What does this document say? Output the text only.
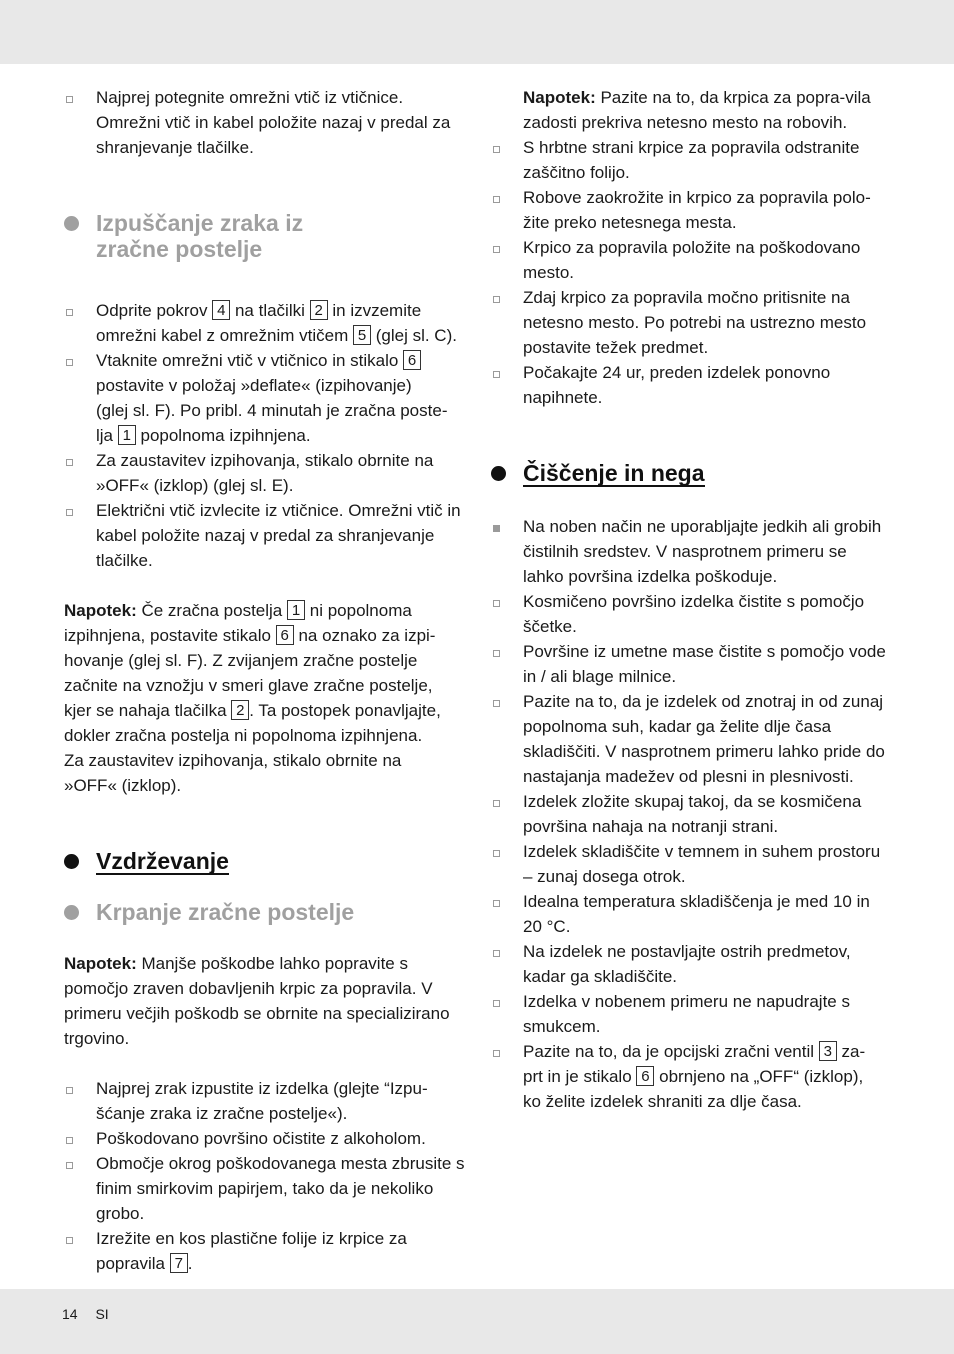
Najprej potegnite omrežni vtič iz vtičnice. Omrežni vtič in kabel položite nazaj v predal za shranjevanje tlačilke.

Izpuščanje zraka iz
zračne postelje

Odprite pokrov 4 na tlačilki 2 in izvzemite
omrežni kabel z omrežnim vtičem 5 (glej sl. C).

Vtaknite omrežni vtič v vtičnico in stikalo 6
postavite v položaj »deflate« (izpihovanje)
(glej sl. F). Po pribl. 4 minutah je zračna poste-
lja 1 popolnoma izpihnjena.

Za zaustavitev izpihovanja, stikalo obrnite na »OFF« (izklop) (glej sl. E).

Električni vtič izvlecite iz vtičnice. Omrežni vtič in kabel položite nazaj v predal za shranjevanje tlačilke.

Napotek: Če zračna postelja 1 ni popolnoma
izpihnjena, postavite stikalo 6 na oznako za izpi-
hovanje (glej sl. F). Z zvijanjem zračne postelje
začnite na vznožju v smeri glave zračne postelje,
kjer se nahaja tlačilka 2 . Ta postopek ponavljajte,
dokler zračna postelja ni popolnoma izpihnjena.
Za zaustavitev izpihovanja, stikalo obrnite na
»OFF« (izklop).

Vzdrževanje
Krpanje zračne postelje

Napotek: Manjše poškodbe lahko popravite s pomočjo zraven dobavljenih krpic za popravila. V primeru večjih poškodb se obrnite na specializirano trgovino.

Najprej zrak izpustite iz izdelka (glejte “Izpu-šćanje zraka iz zračne postelje«).

Poškodovano površino očistite z alkoholom.

Območje okrog poškodovanega mesta zbrusite s finim smirkovim papirjem, tako da je nekoliko grobo.

Izrežite en kos plastične folije iz krpice za
popravila 7 .

Napotek: Pazite na to, da krpica za popra-vila zadosti prekriva netesno mesto na robovih.

S hrbtne strani krpice za popravila odstranite zaščitno folijo.

Robove zaokrožite in krpico za popravila polo-žite preko netesnega mesta.

Krpico za popravila položite na poškodovano mesto.

Zdaj krpico za popravila močno pritisnite na netesno mesto. Po potrebi na ustrezno mesto postavite težek predmet.

Počakajte 24 ur, preden izdelek ponovno napihnete.

Čiščenje in nega

Na noben način ne uporabljajte jedkih ali grobih čistilnih sredstev. V nasprotnem primeru se lahko površina izdelka poškoduje.

Kosmičeno površino izdelka čistite s pomočjo ščetke.

Površine iz umetne mase čistite s pomočjo vode in / ali blage milnice.

Pazite na to, da je izdelek od znotraj in od zunaj popolnoma suh, kadar ga želite dlje časa skladiščiti. V nasprotnem primeru lahko pride do nastajanja madežev od plesni in plesnivosti.

Izdelek zložite skupaj takoj, da se kosmičena površina nahaja na notranji strani.

Izdelek skladiščite v temnem in suhem prostoru – zunaj dosega otrok.

Idealna temperatura skladiščenja je med 10 in 20 °C.

Na izdelek ne postavljajte ostrih predmetov, kadar ga skladiščite.

Izdelka v nobenem primeru ne napudrajte s smukcem.

Pazite na to, da je opcijski zračni ventil 3 za-
prt in je stikalo 6 obrnjeno na „OFF“ (izklop),
ko želite izdelek shraniti za dlje časa.

14 SI
